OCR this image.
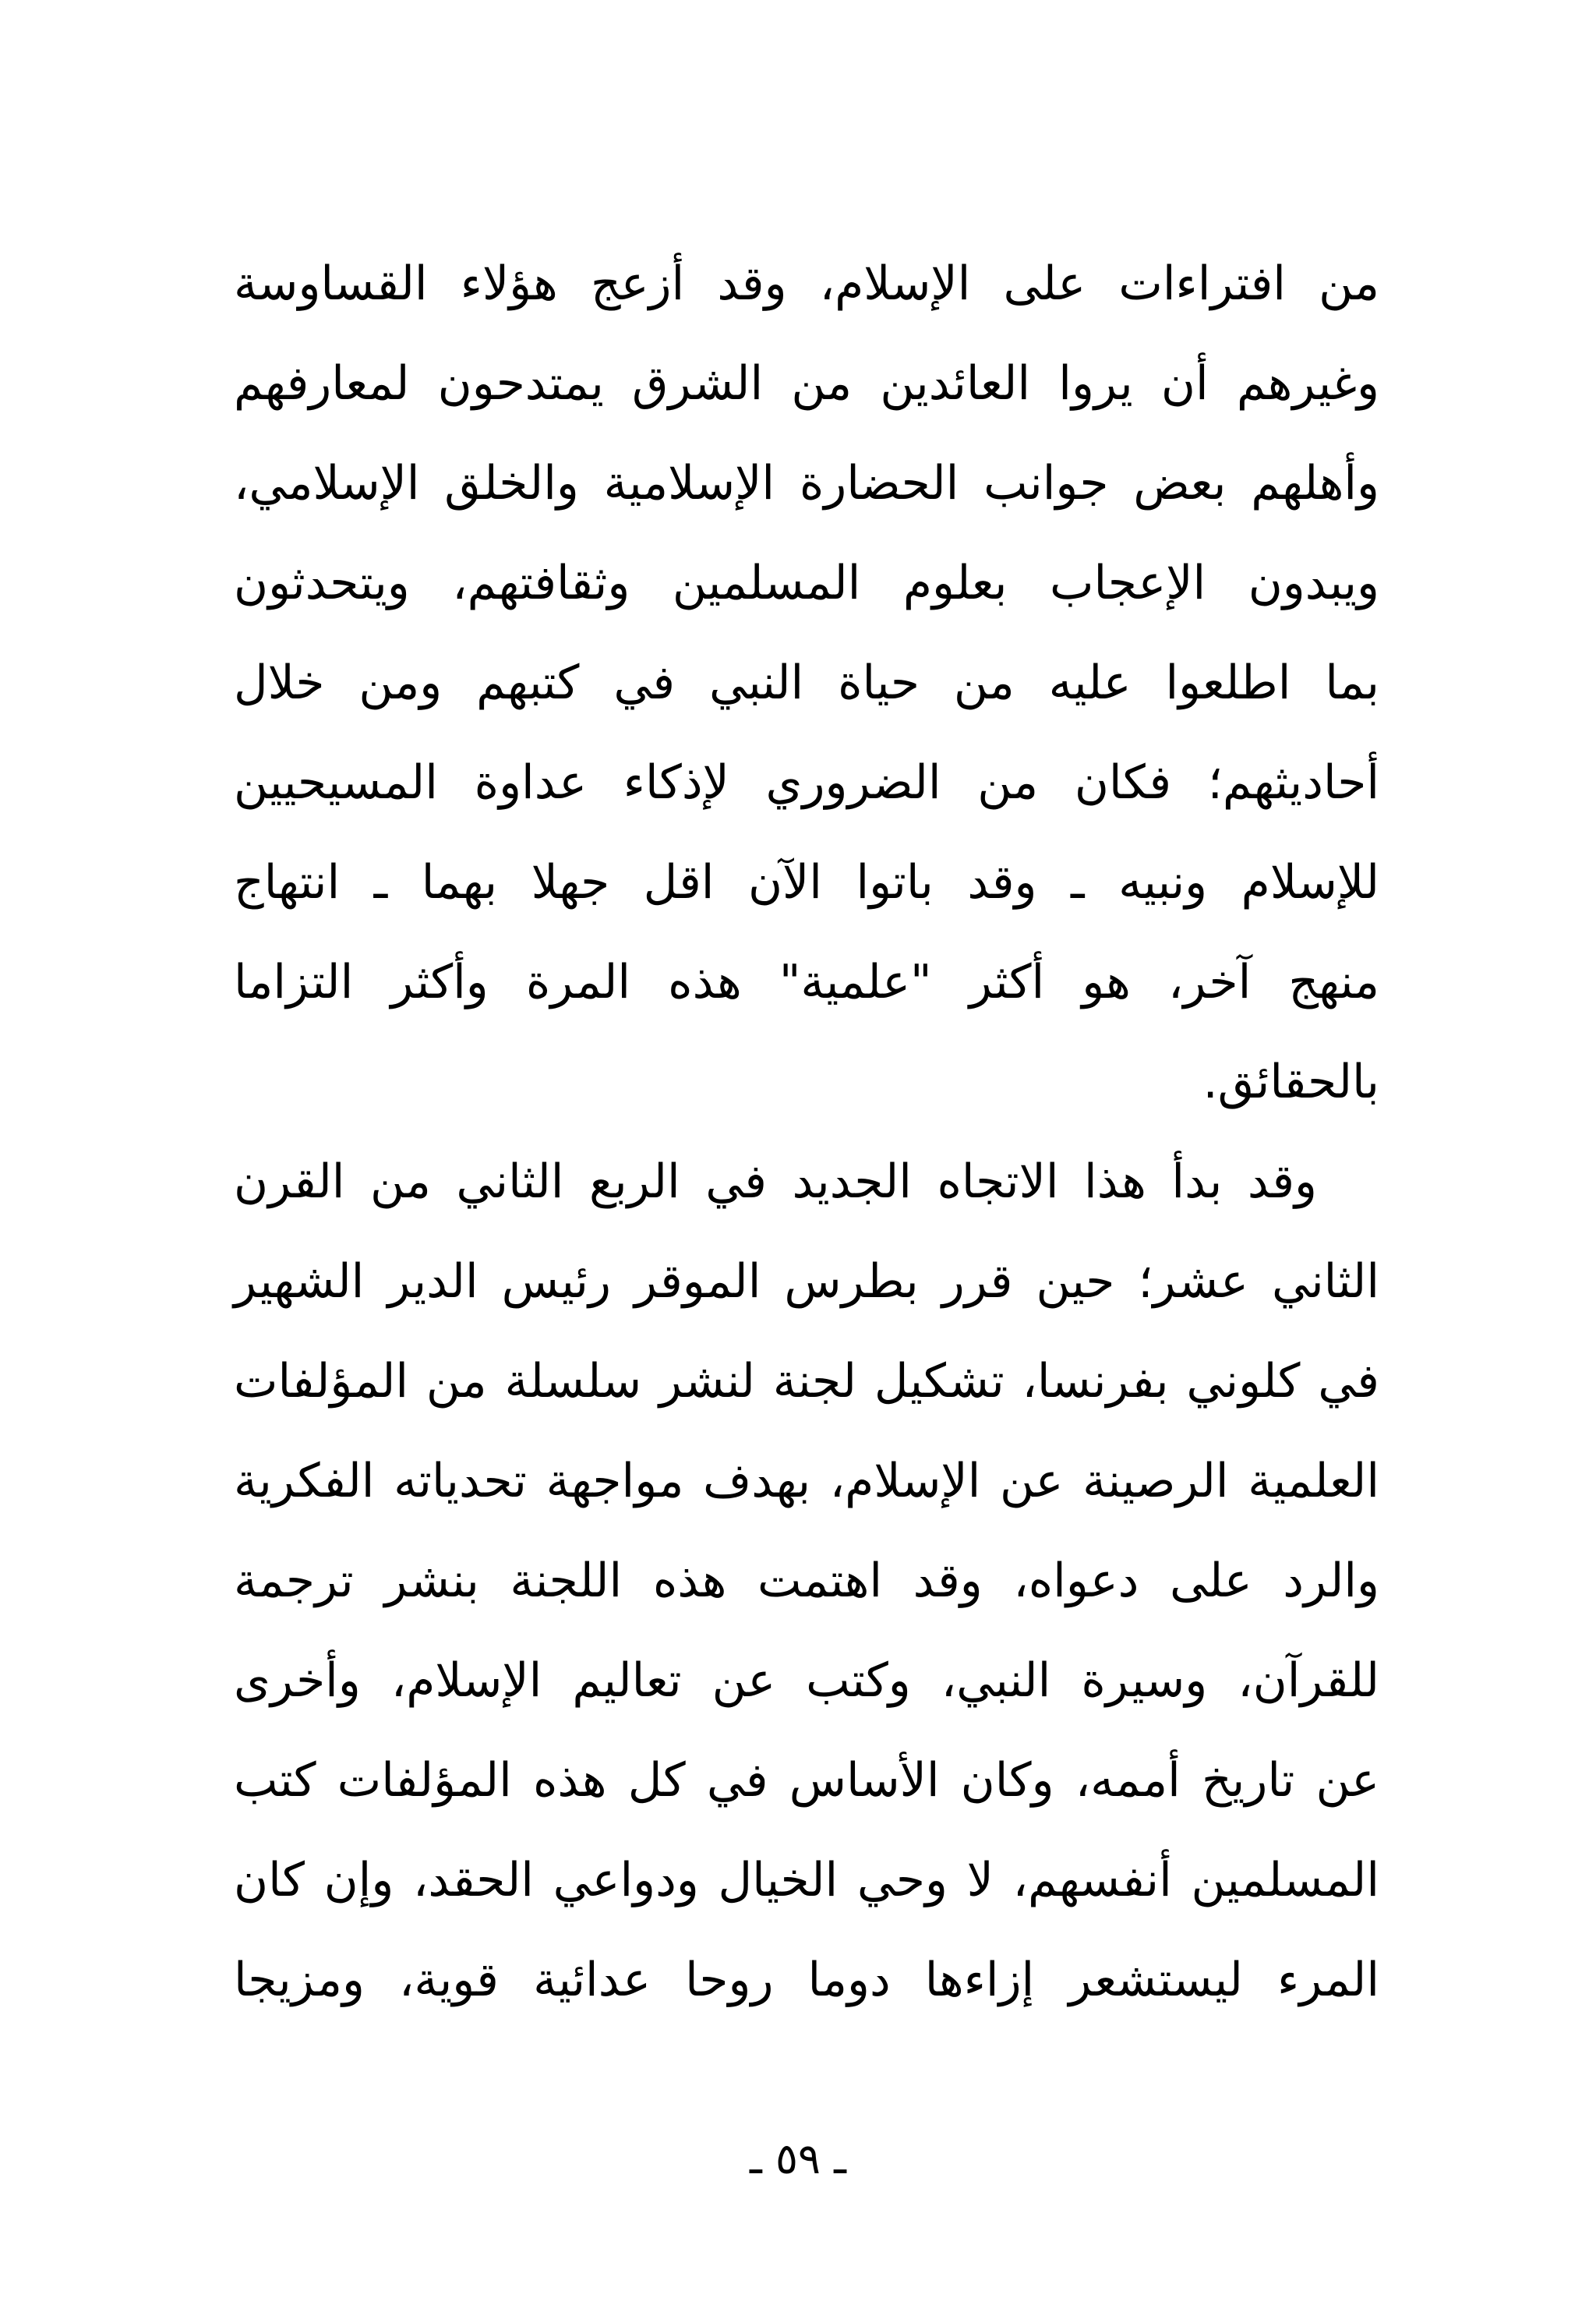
من افتراءات على الإسلام، وقد أزعج هؤلاء القساوسة
وغيرهم أن يروا العائدين من الشرق يمتدحون لمعارفهم
وأهلهم بعض جوانب الحضارة الإسلامية والخلق الإسلامي،
ويبدون الإعجاب بعلوم المسلمين وثقافتهم، ويتحدثون
بما اطلعوا عليه من حياة النبي في كتبهم ومن خلال
أحاديثهم؛ فكان من الضروري لإذكاء عداوة المسيحيين
للإسلام ونبيه ـ وقد باتوا الآن اقل جهلا بهما ـ انتهاج
منهج آخر، هو أكثر "علمية" هذه المرة وأكثر التزاما
بالحقائق.
وقد بدأ هذا الاتجاه الجديد في الربع الثاني من القرن
الثاني عشر؛ حين قرر بطرس الموقر رئيس الدير الشهير
في كلوني بفرنسا، تشكيل لجنة لنشر سلسلة من المؤلفات
العلمية الرصينة عن الإسلام، بهدف مواجهة تحدياته الفكرية
والرد على دعواه، وقد اهتمت هذه اللجنة بنشر ترجمة
للقرآن، وسيرة النبي، وكتب عن تعاليم الإسلام، وأخرى
عن تاريخ أممه، وكان الأساس في كل هذه المؤلفات كتب
المسلمين أنفسهم، لا وحي الخيال ودواعي الحقد، وإن كان
المرء ليستشعر إزاءها دوما روحا عدائية قوية، ومزيجا
ـ ٥٩ ـ
